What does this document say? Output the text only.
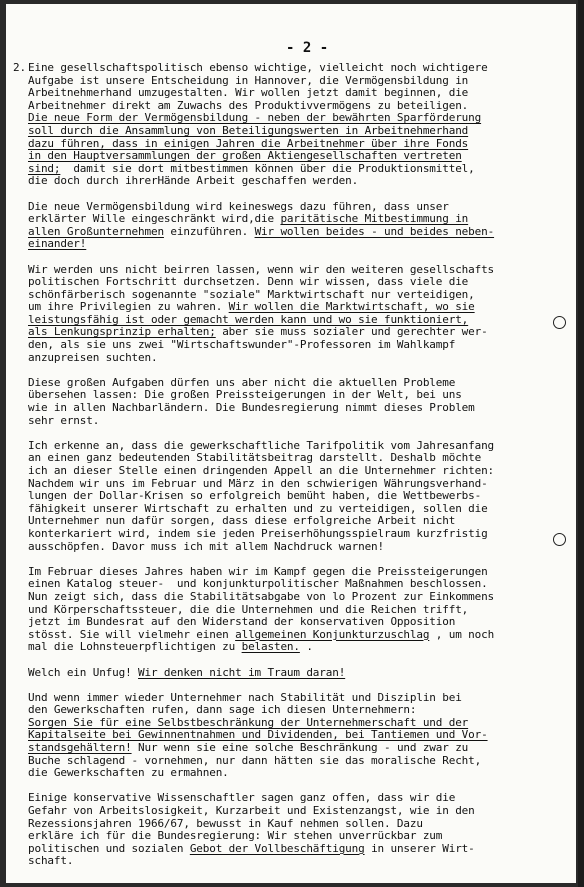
- 2 -
2. Eine gesellschaftspolitisch ebenso wichtige, vielleicht noch wichtigere
Aufgabe ist unsere Entscheidung in Hannover, die Vermögensbildung in
Arbeitnehmerhand umzugestalten. Wir wollen jetzt damit beginnen, die
Arbeitnehmer direkt am Zuwachs des Produktivvermögens zu beteiligen.
Die neue Form der Vermögensbildung - neben der bewährten Sparförderung
soll durch die Ansammlung von Beteiligungswerten in Arbeitnehmerhand
dazu führen, dass in einigen Jahren die Arbeitnehmer über ihre Fonds
in den Hauptversammlungen der großen Aktiengesellschaften vertreten
sind;  damit sie dort mitbestimmen können über die Produktionsmittel,
die doch durch ihrerHände Arbeit geschaffen werden.
Die neue Vermögensbildung wird keineswegs dazu führen, dass unser
erklärter Wille eingeschränkt wird,die paritätische Mitbestimmung in
allen Großunternehmen einzuführen. Wir wollen beides - und beides neben-
einander!
Wir werden uns nicht beirren lassen, wenn wir den weiteren gesellschafts
politischen Fortschritt durchsetzen. Denn wir wissen, dass viele die
schönfärberisch sogenannte "soziale" Marktwirtschaft nur verteidigen,
um ihre Privilegien zu wahren. Wir wollen die Marktwirtschaft, wo sie
leistungsfähig ist oder gemacht werden kann und wo sie funktioniert,
als Lenkungsprinzip erhalten; aber sie muss sozialer und gerechter wer-
den, als sie uns zwei "Wirtschaftswunder"-Professoren im Wahlkampf
anzupreisen suchten.
Diese großen Aufgaben dürfen uns aber nicht die aktuellen Probleme
übersehen lassen: Die großen Preissteigerungen in der Welt, bei uns
wie in allen Nachbarländern. Die Bundesregierung nimmt dieses Problem
sehr ernst.
Ich erkenne an, dass die gewerkschaftliche Tarifpolitik vom Jahresanfang
an einen ganz bedeutenden Stabilitätsbeitrag darstellt. Deshalb möchte
ich an dieser Stelle einen dringenden Appell an die Unternehmer richten:
Nachdem wir uns im Februar und März in den schwierigen Währungsverhand-
lungen der Dollar-Krisen so erfolgreich bemüht haben, die Wettbewerbs-
fähigkeit unserer Wirtschaft zu erhalten und zu verteidigen, sollen die
Unternehmer nun dafür sorgen, dass diese erfolgreiche Arbeit nicht
konterkariert wird, indem sie jeden Preiserhöhungsspielraum kurzfristig
ausschöpfen. Davor muss ich mit allem Nachdruck warnen!
Im Februar dieses Jahres haben wir im Kampf gegen die Preissteigerungen
einen Katalog steuer-  und konjunkturpolitischer Maßnahmen beschlossen.
Nun zeigt sich, dass die Stabilitätsabgabe von lo Prozent zur Einkommens
und Körperschaftssteuer, die die Unternehmen und die Reichen trifft,
jetzt im Bundesrat auf den Widerstand der konservativen Opposition
stösst. Sie will vielmehr einen allgemeinen Konjunkturzuschlag , um noch
mal die Lohnsteuerpflichtigen zu belasten. .
Welch ein Unfug! Wir denken nicht im Traum daran!
Und wenn immer wieder Unternehmer nach Stabilität und Disziplin bei
den Gewerkschaften rufen, dann sage ich diesen Unternehmern:
Sorgen Sie für eine Selbstbeschränkung der Unternehmerschaft und der
Kapitalseite bei Gewinnentnahmen und Dividenden, bei Tantiemen und Vor-
standsgehältern! Nur wenn sie eine solche Beschränkung - und zwar zu
Buche schlagend - vornehmen, nur dann hätten sie das moralische Recht,
die Gewerkschaften zu ermahnen.
Einige konservative Wissenschaftler sagen ganz offen, dass wir die
Gefahr von Arbeitslosigkeit, Kurzarbeit und Existenzangst, wie in den
Rezessionsjahren 1966/67, bewusst in Kauf nehmen sollen. Dazu
erkläre ich für die Bundesregierung: Wir stehen unverrückbar zum
politischen und sozialen Gebot der Vollbeschäftigung in unserer Wirt-
schaft.
